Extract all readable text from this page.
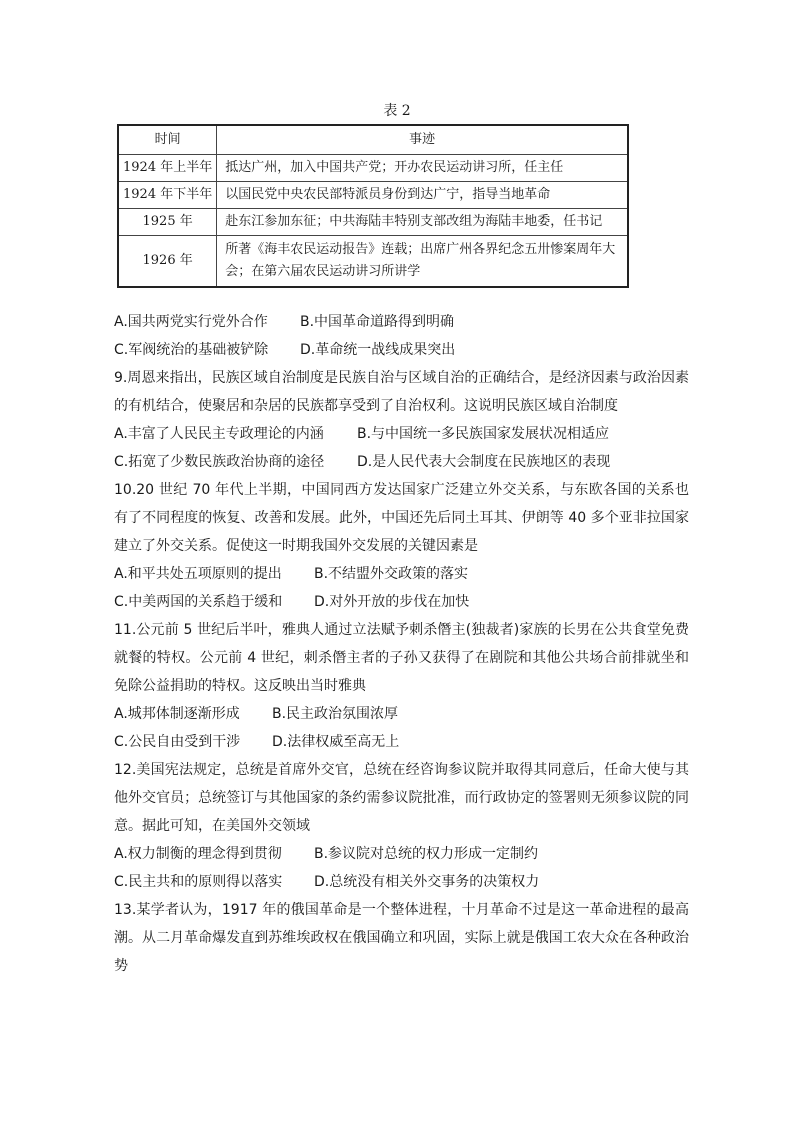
表 2
时间	事迹
1924 年上半年	抵达广州，加入中国共产党；开办农民运动讲习所，任主任
1924 年下半年	以国民党中央农民部特派员身份到达广宁，指导当地革命
1925 年	赴东江参加东征；中共海陆丰特别支部改组为海陆丰地委，任书记
1926 年	所著《海丰农民运动报告》连载；出席广州各界纪念五卅惨案周年大会；在第六届农民运动讲习所讲学

A.国共两党实行党外合作 B.中国革命道路得到明确

C.军阀统治的基础被铲除 D.革命统一战线成果突出

9.周恩来指出，民族区域自治制度是民族自治与区域自治的正确结合，是经济因素与政治因素的有机结合，使聚居和杂居的民族都享受到了自治权利。这说明民族区域自治制度

A.丰富了人民民主专政理论的内涵 B.与中国统一多民族国家发展状况相适应

C.拓宽了少数民族政治协商的途径 D.是人民代表大会制度在民族地区的表现

10.20 世纪 70 年代上半期，中国同西方发达国家广泛建立外交关系，与东欧各国的关系也有了不同程度的恢复、改善和发展。此外，中国还先后同土耳其、伊朗等 40 多个亚非拉国家建立了外交关系。促使这一时期我国外交发展的关键因素是

A.和平共处五项原则的提出 B.不结盟外交政策的落实

C.中美两国的关系趋于缓和 D.对外开放的步伐在加快

11.公元前 5 世纪后半叶，雅典人通过立法赋予刺杀僭主(独裁者)家族的长男在公共食堂免费就餐的特权。公元前 4 世纪，刺杀僭主者的子孙又获得了在剧院和其他公共场合前排就坐和免除公益捐助的特权。这反映出当时雅典

A.城邦体制逐渐形成 B.民主政治氛围浓厚

C.公民自由受到干涉 D.法律权威至高无上

12.美国宪法规定，总统是首席外交官，总统在经咨询参议院并取得其同意后，任命大使与其他外交官员；总统签订与其他国家的条约需参议院批准，而行政协定的签署则无须参议院的同意。据此可知，在美国外交领域

A.权力制衡的理念得到贯彻 B.参议院对总统的权力形成一定制约

C.民主共和的原则得以落实 D.总统没有相关外交事务的决策权力

13.某学者认为，1917 年的俄国革命是一个整体进程，十月革命不过是这一革命进程的最高潮。从二月革命爆发直到苏维埃政权在俄国确立和巩固，实际上就是俄国工农大众在各种政治势
